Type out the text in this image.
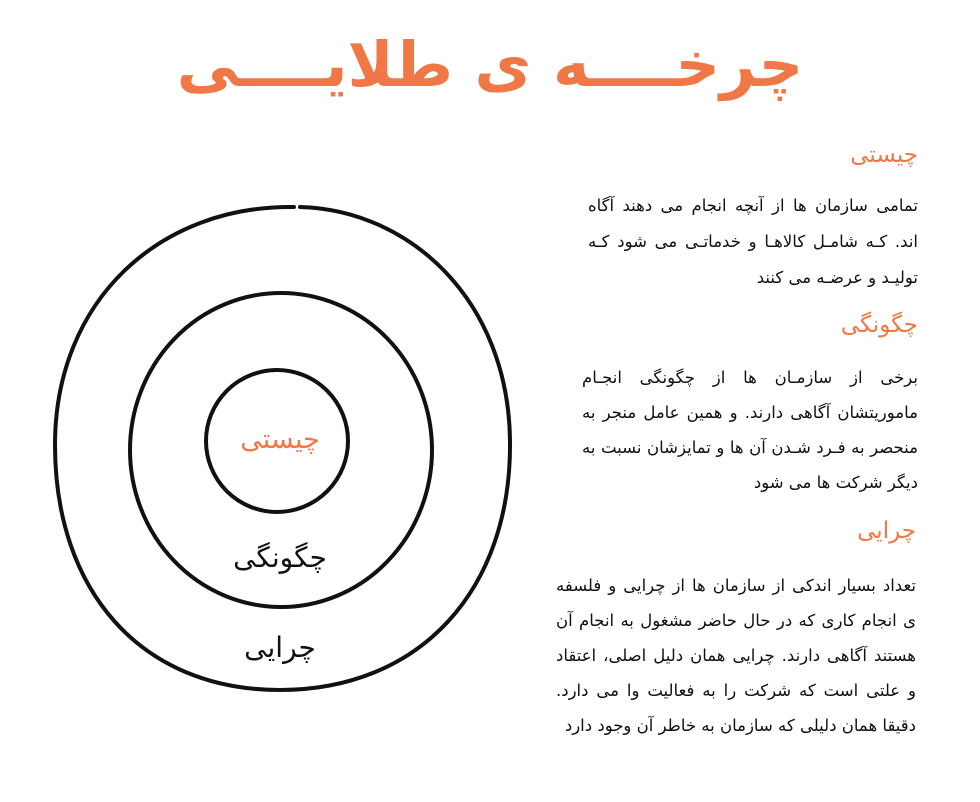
چرخــــه ی طلایــــی
چیستی
چگونگی
چرایی
چیستی
تمامی سازمان ها از آنچه انجام می دهند آگاه اند. کـه شامـل کالاهـا و خدماتـی می شود کـه تولیـد و عرضـه می کنند
چگونگی
برخی از سازمـان ها از چگونگی انجـام ماموریتشان آگاهی دارند. و همین عامل منجر به منحصر به فـرد شـدن آن ها و تمایزشان نسبت به دیگر شرکت ها می شود
چرایی
تعداد بسیار اندکی از سازمان ها از چرایی و فلسفه ی انجام کاری که در حال حاضر مشغول به انجام آن هستند آگاهی دارند. چرایی همان دلیل اصلی، اعتقاد و علتی است که شرکت را به فعالیت وا می دارد. دقیقا همان دلیلی که سازمان به خاطر آن وجود دارد
